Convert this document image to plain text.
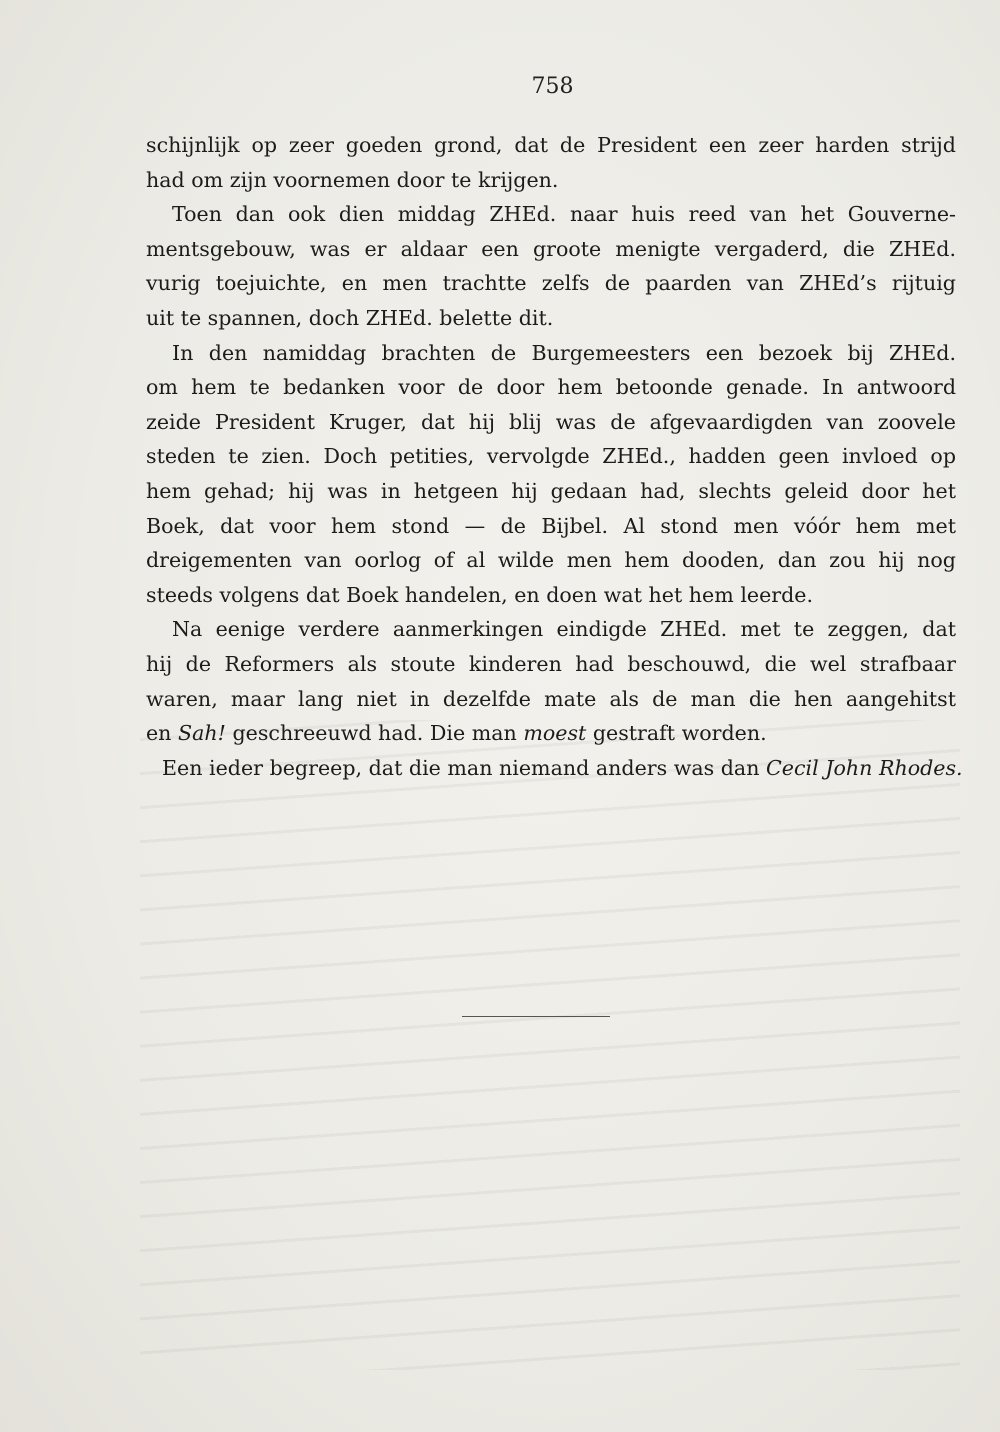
758
schijnlijk op zeer goeden grond, dat de President een zeer harden strijd
had om zijn voornemen door te krijgen.
Toen dan ook dien middag ZHEd. naar huis reed van het Gouverne-
mentsgebouw, was er aldaar een groote menigte vergaderd, die ZHEd.
vurig toejuichte, en men trachtte zelfs de paarden van ZHEd’s rijtuig
uit te spannen, doch ZHEd. belette dit.
In den namiddag brachten de Burgemeesters een bezoek bij ZHEd.
om hem te bedanken voor de door hem betoonde genade. In antwoord
zeide President Kruger, dat hij blij was de afgevaardigden van zoovele
steden te zien. Doch petities, vervolgde ZHEd., hadden geen invloed op
hem gehad; hij was in hetgeen hij gedaan had, slechts geleid door het
Boek, dat voor hem stond — de Bijbel. Al stond men vóór hem met
dreigementen van oorlog of al wilde men hem dooden, dan zou hij nog
steeds volgens dat Boek handelen, en doen wat het hem leerde.
Na eenige verdere aanmerkingen eindigde ZHEd. met te zeggen, dat
hij de Reformers als stoute kinderen had beschouwd, die wel strafbaar
waren, maar lang niet in dezelfde mate als de man die hen aangehitst
en Sah! geschreeuwd had. Die man moest gestraft worden.
Een ieder begreep, dat die man niemand anders was dan Cecil John Rhodes.
